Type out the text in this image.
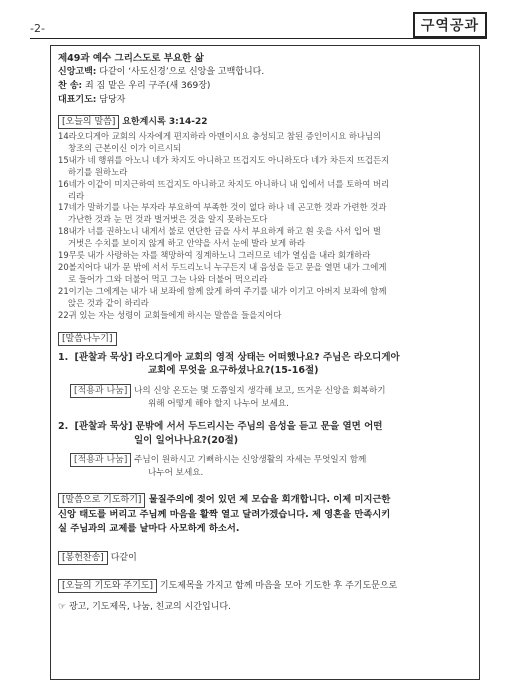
-2-	구역공과
제49과 예수 그리스도로 부요한 삶
신앙고백: 다같이 ‘사도신경’으로 신앙을 고백합니다.
찬 송: 죄 짐 맡은 우리 구주(새 369장)
대표기도: 담당자
[오늘의 말씀] 요한계시록 3:14-22

14라오디게아 교회의 사자에게 편지하라 아멘이시요 충성되고 참된 증인이시요 하나님의
창조의 근본이신 이가 이르시되

15내가 네 행위를 아노니 네가 차지도 아니하고 뜨겁지도 아니하도다 네가 차든지 뜨겁든지
하기를 원하노라

16네가 이같이 미지근하여 뜨겁지도 아니하고 차지도 아니하니 내 입에서 너를 토하여 버리
리라

17네가 말하기를 나는 부자라 부요하여 부족한 것이 없다 하나 네 곤고한 것과 가련한 것과
가난한 것과 눈 먼 것과 벌거벗은 것을 알지 못하는도다

18내가 너를 권하노니 내게서 불로 연단한 금을 사서 부요하게 하고 흰 옷을 사서 입어 벌
거벗은 수치를 보이지 않게 하고 안약을 사서 눈에 발라 보게 하라

19무릇 내가 사랑하는 자를 책망하여 징계하노니 그러므로 네가 열심을 내라 회개하라

20볼지어다 내가 문 밖에 서서 두드리노니 누구든지 내 음성을 듣고 문을 열면 내가 그에게
로 들어가 그와 더불어 먹고 그는 나와 더불어 먹으리라

21이기는 그에게는 내가 내 보좌에 함께 앉게 하여 주기를 내가 이기고 아버지 보좌에 함께
앉은 것과 같이 하리라

22귀 있는 자는 성령이 교회들에게 하시는 말씀을 들을지어다

[말씀나누기]
1. [관찰과 묵상] 라오디게아 교회의 영적 상태는 어떠했나요? 주님은 라오디게아
교회에 무엇을 요구하셨나요?(15-16절)
[적용과 나눔] 나의 신앙 온도는 몇 도쯤일지 생각해 보고, 뜨거운 신앙을 회복하기
위해 어떻게 해야 할지 나누어 보세요.
2. [관찰과 묵상] 문밖에 서서 두드리시는 주님의 음성을 듣고 문을 열면 어떤
일이 일어나나요?(20절)
[적용과 나눔] 주님이 원하시고 기뻐하시는 신앙생활의 자세는 무엇일지 함께
나누어 보세요.
[말씀으로 기도하기] 물질주의에 젖어 있던 제 모습을 회개합니다. 이제 미지근한
신앙 태도를 버리고 주님께 마음을 활짝 열고 달려가겠습니다. 제 영혼을 만족시키
실 주님과의 교제를 날마다 사모하게 하소서.
[봉헌찬송] 다같이
[오늘의 기도와 주기도] 기도제목을 가지고 함께 마음을 모아 기도한 후 주기도문으로
☞ 광고, 기도제목, 나눔, 친교의 시간입니다.
